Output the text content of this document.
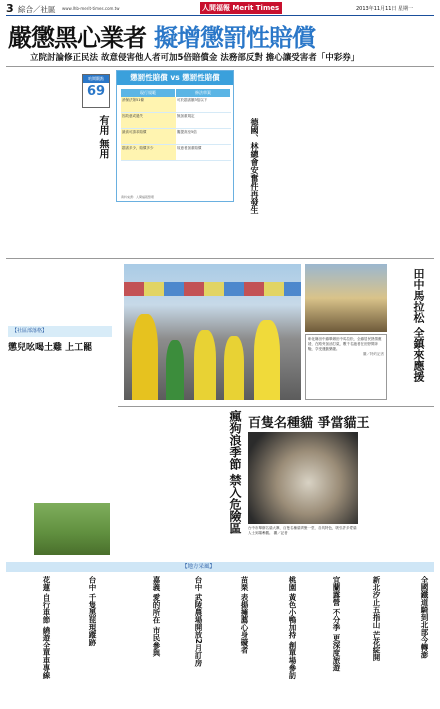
3 綜合／社區 www.lhb-merit-times.com.tw	人間福報 Merit Times	2013年11月11日 星期一
嚴懲黑心業者 擬增懲罰性賠償
立院討論修正民法 故意侵害他人者可加5倍賠償金 法務部反對 擔心讓受害者「中彩券」
喧鬧觀點
69
有用 無用
懲罰性賠償 vs 懲罰性賠償
現行規範	修法草案
消保法第51條	可於損害額3倍以下
因故意或過失	無加重規定
最高可請求賠償	擬提高至5倍
損害多少，賠償多少	故意者加重賠償
資料來源：人間福報整理	德國、林總會安奮件再發生
彰化縣田中鎮舉辦田中馬拉松，全鎮居民熱情應援，在路旁加油打氣，數千名跑者在田野間奔馳，享受運動樂趣。
攝／特約記者	田中馬拉松 全鎮來應援
【社區部落格】
懲兒吆喝土雞 上工罷
瘋狗浪季節 禁入危險區 百隻名種貓 爭當貓王
台中市舉辦名貓大賽，百隻名種貓齊聚一堂，各具特色，吸引許多愛貓人士到場參觀。 攝／記者
【地方采風】
全國鐵道騎到北部今轉澎
新北汐止五指山 芒花綻開
宜蘭露營 不分季 更深度旅遊
桃園 黃色小鴨加持 創單場參訪
苗栗 表揚擁薦心身礙者
台中 武陵農場開放2月訂房
嘉義 愛的所在 市民參與
台中 千隻黑琵現蹤跡
花蓮 自行車節 繞遊全單車專線
